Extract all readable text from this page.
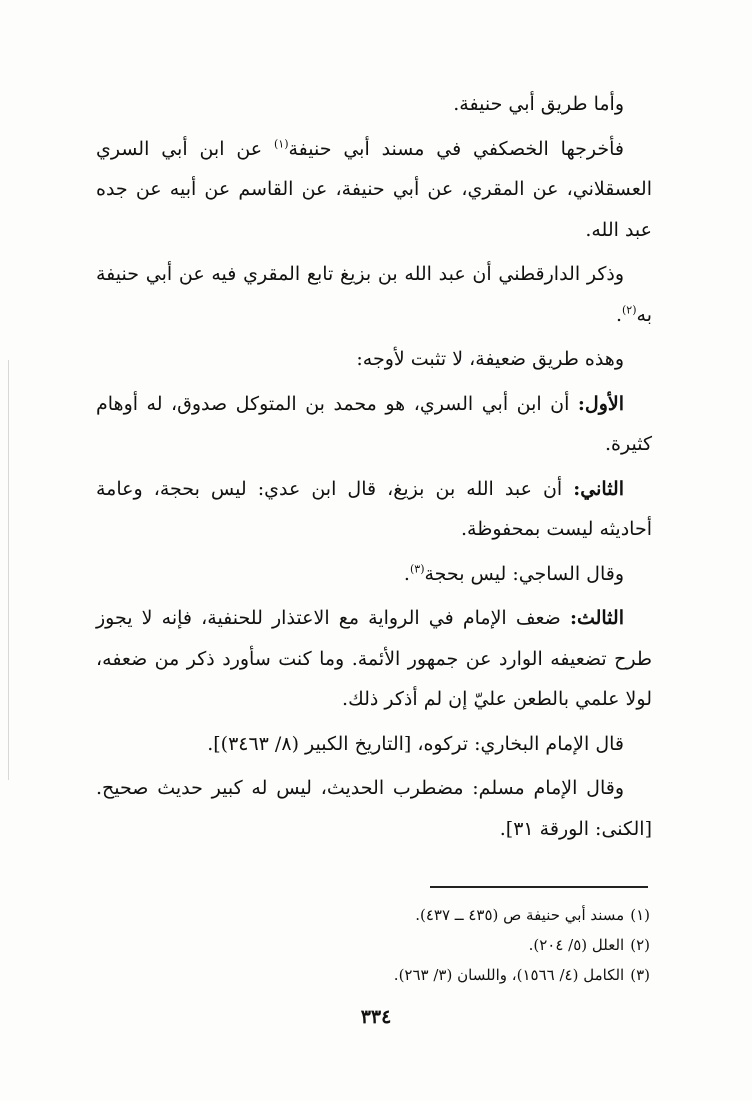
وأما طريق أبي حنيفة.

فأخرجها الخصكفي في مسند أبي حنيفة$^{(١)}$ عن ابن أبي السري العسقلاني، عن المقري، عن أبي حنيفة، عن القاسم عن أبيه عن جده عبد الله.

وذكر الدارقطني أن عبد الله بن بزيغ تابع المقري فيه عن أبي حنيفة به$^{(٢)}$.

وهذه طريق ضعيفة، لا تثبت لأوجه:

الأول: أن ابن أبي السري، هو محمد بن المتوكل صدوق، له أوهام كثيرة.

الثاني: أن عبد الله بن بزيغ، قال ابن عدي: ليس بحجة، وعامة أحاديثه ليست بمحفوظة.

وقال الساجي: ليس بحجة$^{(٣)}$.

الثالث: ضعف الإمام في الرواية مع الاعتذار للحنفية، فإنه لا يجوز طرح تضعيفه الوارد عن جمهور الأئمة. وما كنت سأورد ذكر من ضعفه، لولا علمي بالطعن عليّ إن لم أذكر ذلك.

قال الإمام البخاري: تركوه، [التاريخ الكبير (٨/ ٣٤٦٣)].

وقال الإمام مسلم: مضطرب الحديث، ليس له كبير حديث صحيح. [الكنى: الورقة ٣١].

(١)مسند أبي حنيفة ص (٤٣٥ ــ ٤٣٧).

(٢)العلل (٥/ ٢٠٤).

(٣)الكامل (٤/ ١٥٦٦)، واللسان (٣/ ٢٦٣).

٣٣٤
